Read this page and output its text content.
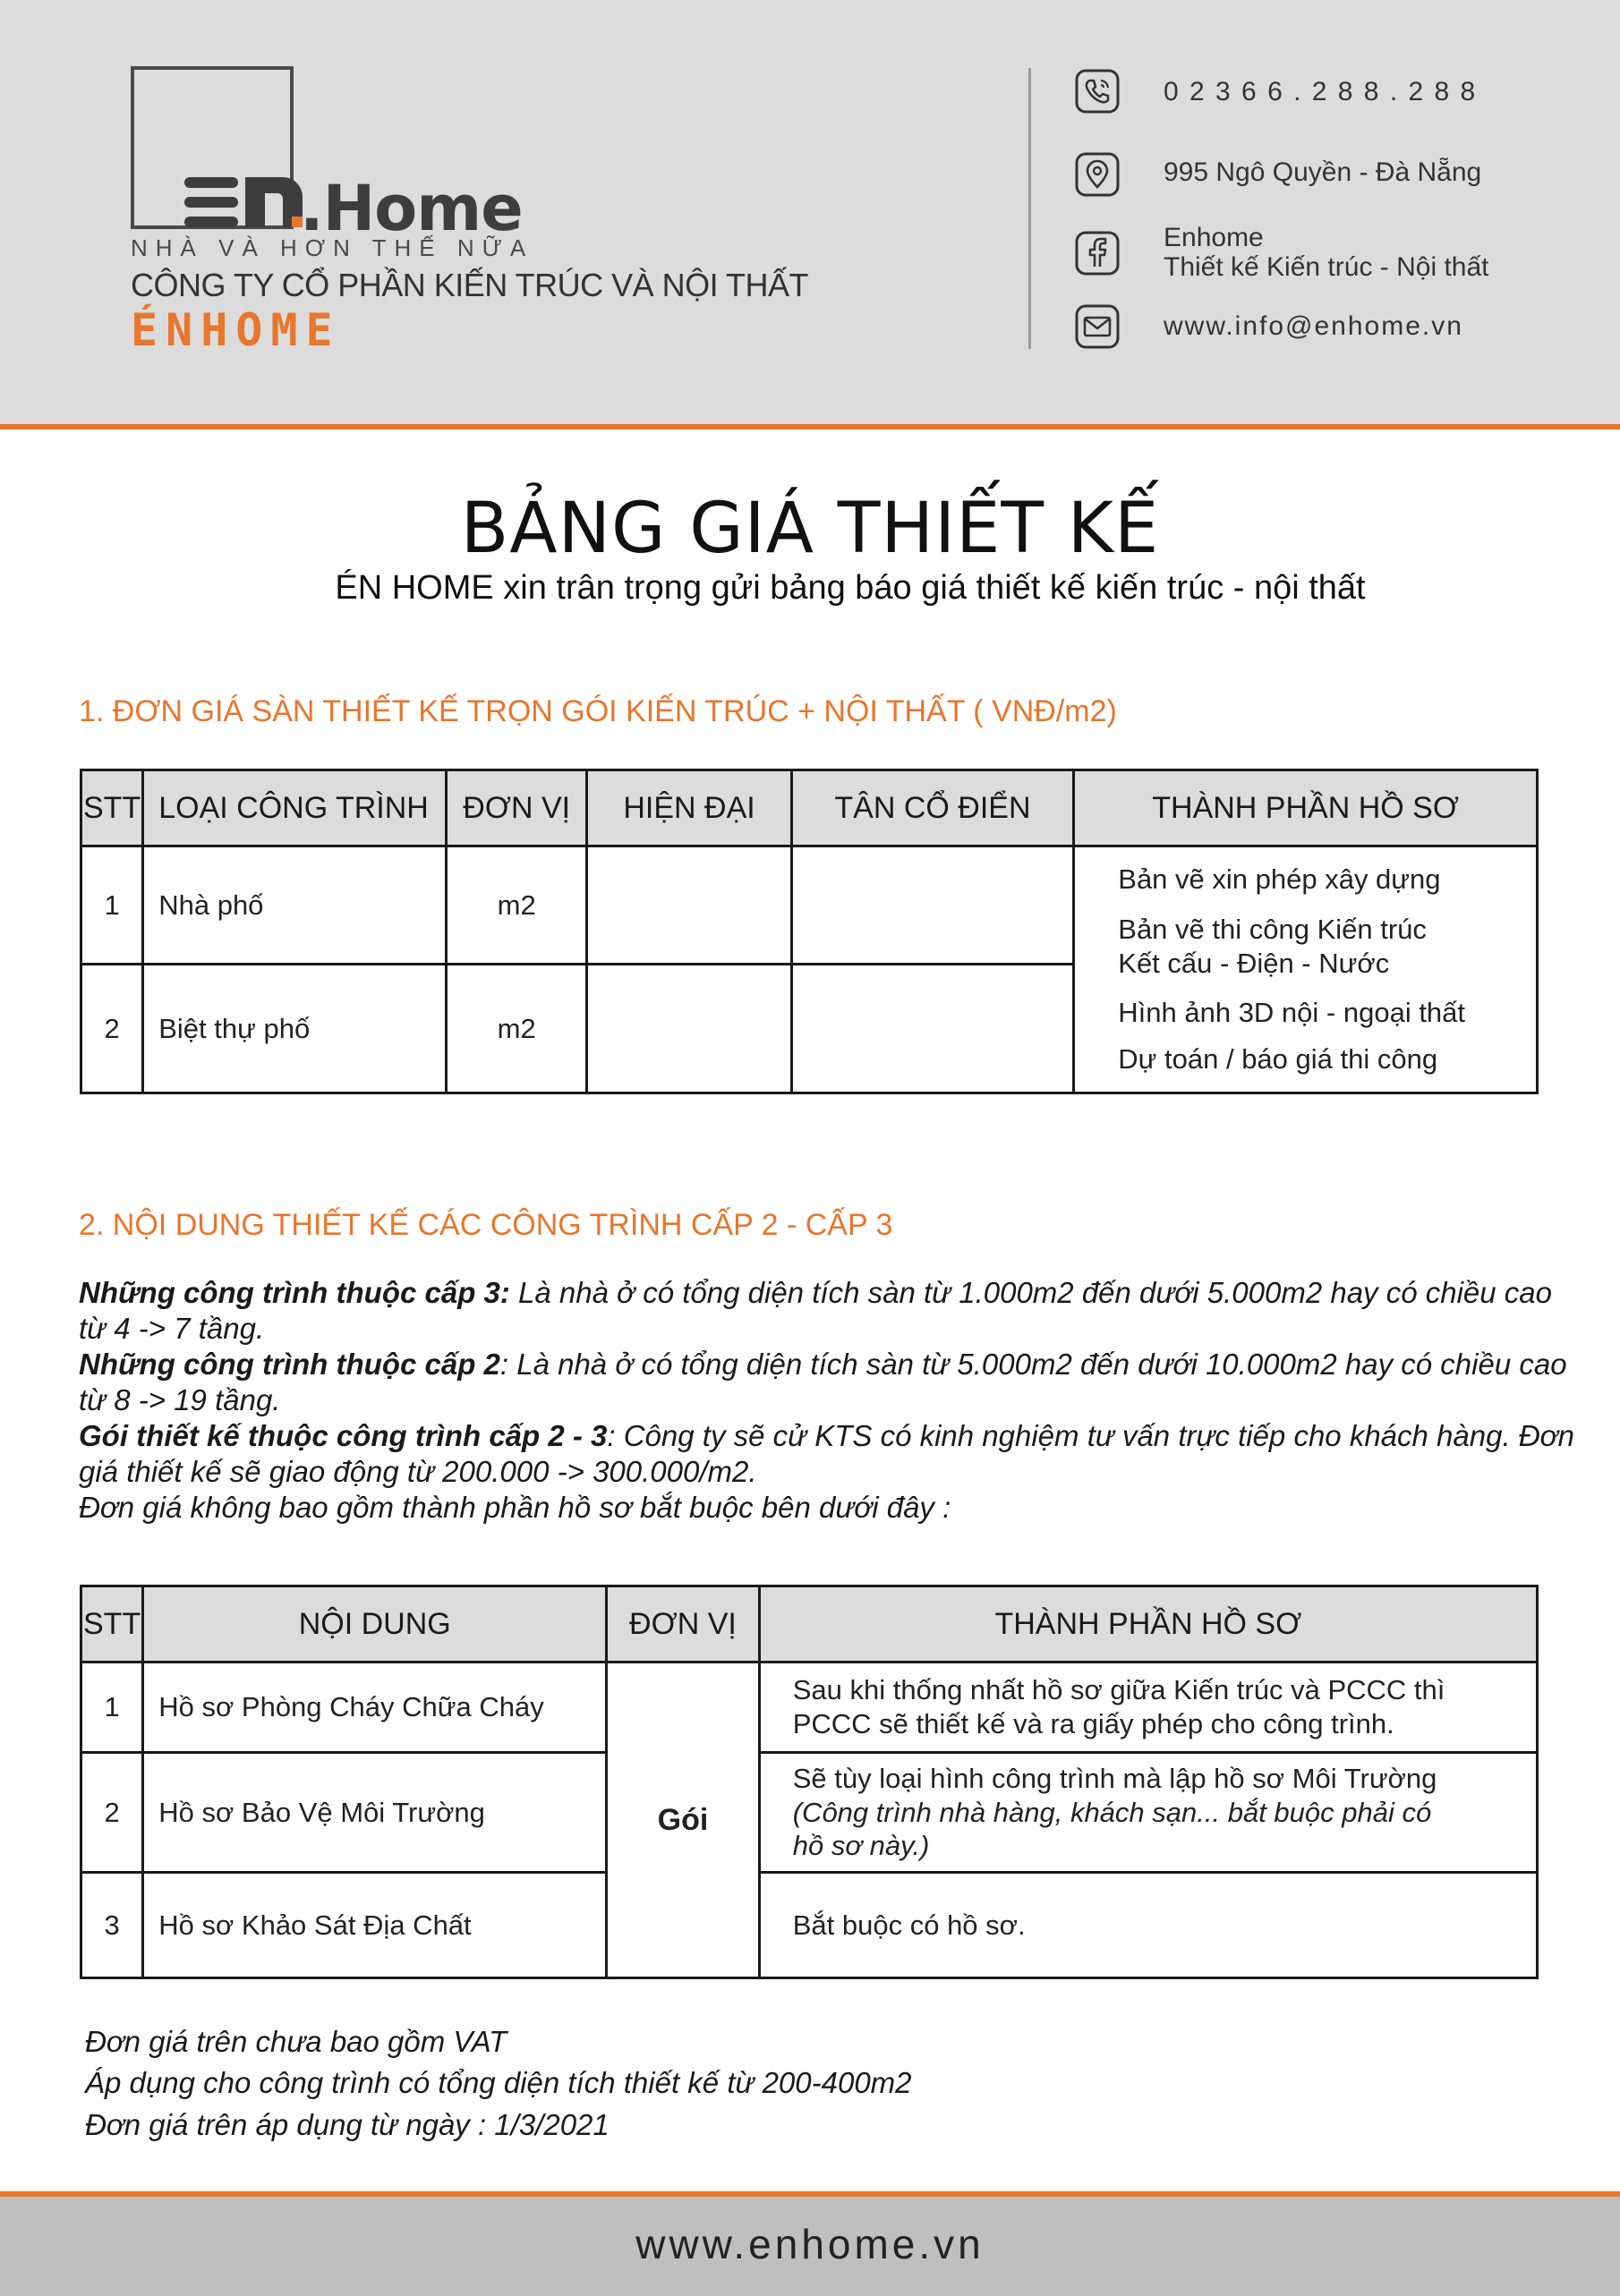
.Home
NHÀ VÀ HƠN THẾ NỮA
CÔNG TY CỔ PHẦN KIẾN TRÚC VÀ NỘI THẤT
ÉNHOME
0 2 3 6 6 . 2 8 8 . 2 8 8
995 Ngô Quyền - Đà Nẵng
Enhome
Thiết kế Kiến trúc - Nội thất
www.info@enhome.vn
BẢNG GIÁ THIẾT KẾ
ÉN HOME xin trân trọng gửi bảng báo giá thiết kế kiến trúc - nội thất
1. ĐƠN GIÁ SÀN THIẾT KẾ TRỌN GÓI KIẾN TRÚC + NỘI THẤT ( VNĐ/m2)
STT	LOẠI CÔNG TRÌNH	ĐƠN VỊ	HIỆN ĐẠI	TÂN CỔ ĐIỂN	THÀNH PHẦN HỒ SƠ
1	Nhà phố	m2			Bản vẽ xin phép xây dựng

Bản vẽ thi công Kiến trúc

Kết cấu - Điện - Nước

Hình ảnh 3D nội - ngoại thất

Dự toán / báo giá thi công

2	Biệt thự phố	m2			
2. NỘI DUNG THIẾT KẾ CÁC CÔNG TRÌNH CẤP 2 - CẤP 3
Những công trình thuộc cấp 3: Là nhà ở có tổng diện tích sàn từ 1.000m2 đến dưới 5.000m2 hay có chiều cao từ 4 -> 7 tầng.
Những công trình thuộc cấp 2: Là nhà ở có tổng diện tích sàn từ 5.000m2 đến dưới 10.000m2 hay có chiều cao từ 8 -> 19 tầng.
Gói thiết kế thuộc công trình cấp 2 - 3: Công ty sẽ cử KTS có kinh nghiệm tư vấn trực tiếp cho khách hàng. Đơn giá thiết kế sẽ giao động từ 200.000 -> 300.000/m2.
Đơn giá không bao gồm thành phần hồ sơ bắt buộc bên dưới đây :
STT	NỘI DUNG	ĐƠN VỊ	THÀNH PHẦN HỒ SƠ
1	Hồ sơ Phòng Cháy Chữa Cháy	Gói	Sau khi thống nhất hồ sơ giữa Kiến trúc và PCCC thì

PCCC sẽ thiết kế và ra giấy phép cho công trình.

2	Hồ sơ Bảo Vệ Môi Trường		Sẽ tùy loại hình công trình mà lập hồ sơ Môi Trường

(Công trình nhà hàng, khách sạn... bắt buộc phải có

hồ sơ này.)

3	Hồ sơ Khảo Sát Địa Chất		Bắt buộc có hồ sơ.

Đơn giá trên chưa bao gồm VAT
Áp dụng cho công trình có tổng diện tích thiết kế từ 200-400m2
Đơn giá trên áp dụng từ ngày : 1/3/2021
www.enhome.vn
